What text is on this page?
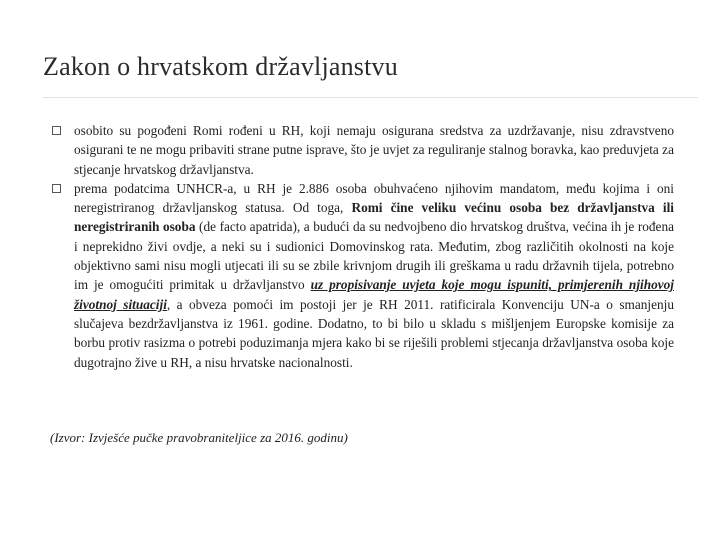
Zakon o hrvatskom državljanstvu
osobito su pogođeni Romi rođeni u RH, koji nemaju osigurana sredstva za uzdržavanje, nisu zdravstveno osigurani te ne mogu pribaviti strane putne isprave, što je uvjet za reguliranje stalnog boravka, kao preduvjeta za stjecanje hrvatskog državljanstva.
prema podatcima UNHCR-a, u RH je 2.886 osoba obuhvaćeno njihovim mandatom, među kojima i oni neregistriranog državljanskog statusa. Od toga, Romi čine veliku većinu osoba bez državljanstva ili neregistriranih osoba (de facto apatrida), a budući da su nedvojbeno dio hrvatskog društva, većina ih je rođena i neprekidno živi ovdje, a neki su i sudionici Domovinskog rata. Međutim, zbog različitih okolnosti na koje objektivno sami nisu mogli utjecati ili su se zbile krivnjom drugih ili greškama u radu državnih tijela, potrebno im je omogućiti primitak u državljanstvo uz propisivanje uvjeta koje mogu ispuniti, primjerenih njihovoj životnoj situaciji, a obveza pomoći im postoji jer je RH 2011. ratificirala Konvenciju UN-a o smanjenju slučajeva bezdržavljanstva iz 1961. godine. Dodatno, to bi bilo u skladu s mišljenjem Europske komisije za borbu protiv rasizma o potrebi poduzimanja mjera kako bi se riješili problemi stjecanja državljanstva osoba koje dugotrajno žive u RH, a nisu hrvatske nacionalnosti.
(Izvor: Izvješće pučke pravobraniteljice za 2016. godinu)
